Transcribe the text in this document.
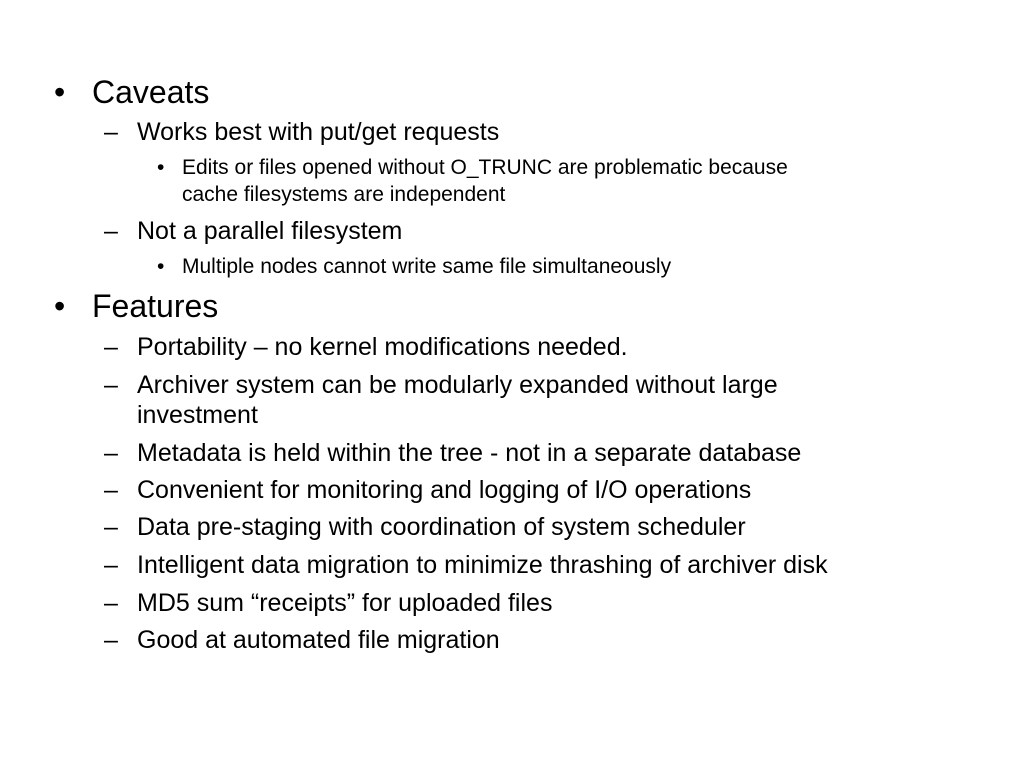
• Caveats
– Works best with put/get requests
• Edits or files opened without O_TRUNC are problematic because
cache filesystems are independent
– Not a parallel filesystem
• Multiple nodes cannot write same file simultaneously
• Features
– Portability – no kernel modifications needed.
– Archiver system can be modularly expanded without large
investment
– Metadata is held within the tree - not in a separate database
– Convenient for monitoring and logging of I/O operations
– Data pre-staging with coordination of system scheduler
– Intelligent data migration to minimize thrashing of archiver disk
– MD5 sum “receipts” for uploaded files
– Good at automated file migration
